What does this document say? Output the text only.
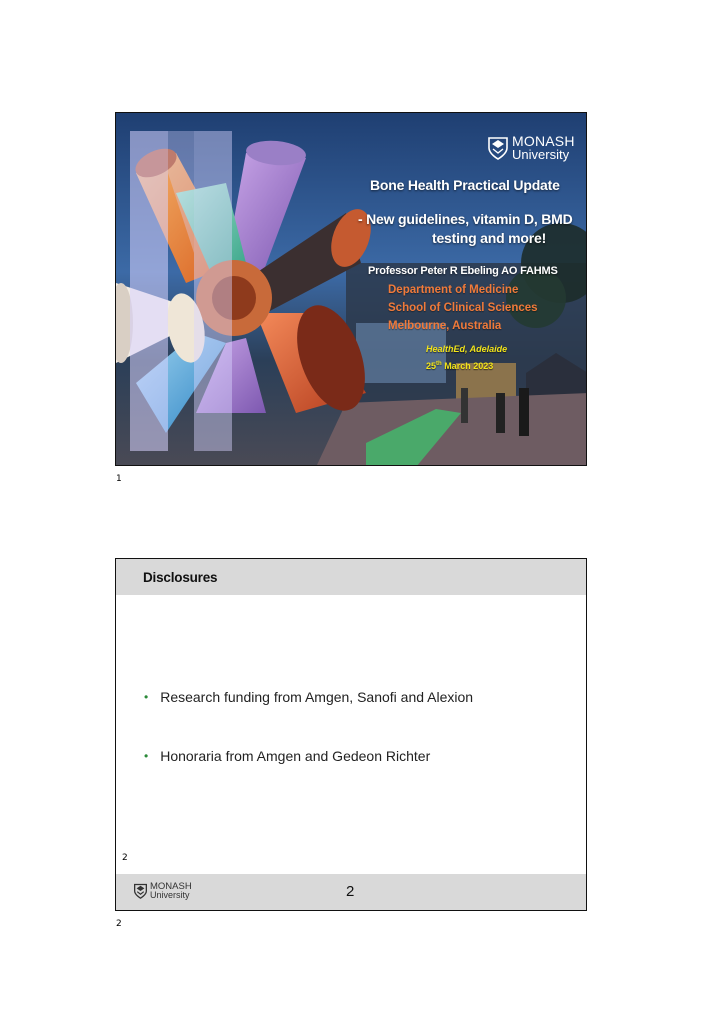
MONASH
University
Bone Health Practical Update
- New guidelines, vitamin D, BMD
testing and more!
Professor Peter R Ebeling AO FAHMS
Department of Medicine
School of Clinical Sciences
Melbourne, Australia
HealthEd, Adelaide
25th March 2023
1
Disclosures
• Research funding from Amgen, Sanofi and Alexion
• Honoraria from Amgen and Gedeon Richter
2
MONASH
University	2
2
